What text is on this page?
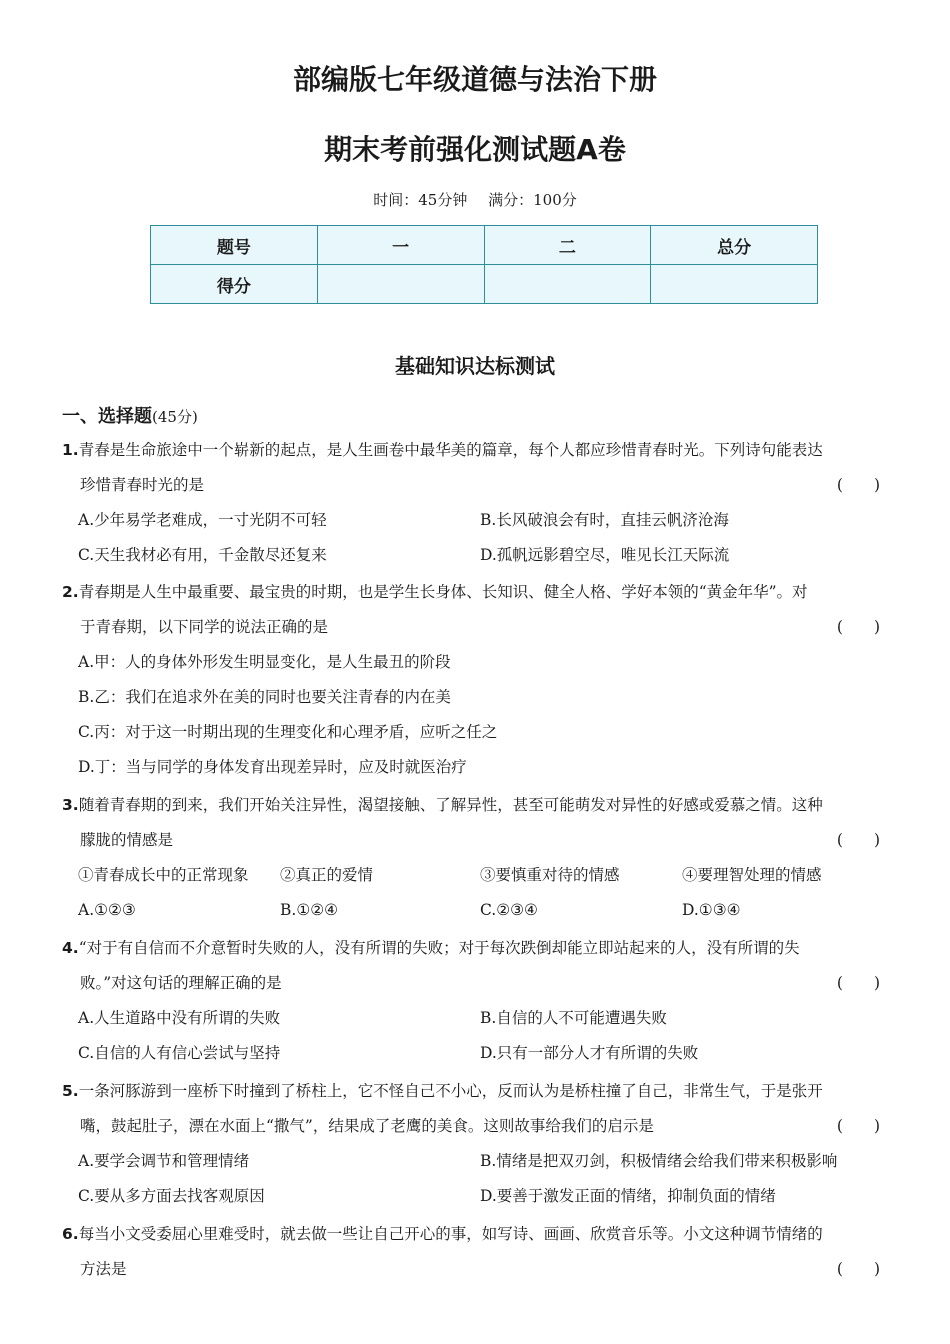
部编版七年级道德与法治下册
期末考前强化测试题A卷
时间：45分钟 满分：100分
题号	一	二	总分
得分			
基础知识达标测试
一、选择题(45分)
1.青春是生命旅途中一个崭新的起点，是人生画卷中最华美的篇章，每个人都应珍惜青春时光。下列诗句能表达
珍惜青春时光的是	(　　)
A.少年易学老难成，一寸光阴不可轻	B.长风破浪会有时，直挂云帆济沧海
C.天生我材必有用，千金散尽还复来	D.孤帆远影碧空尽，唯见长江天际流
2.青春期是人生中最重要、最宝贵的时期，也是学生长身体、长知识、健全人格、学好本领的“黄金年华”。对
于青春期，以下同学的说法正确的是	(　　)
A.甲：人的身体外形发生明显变化，是人生最丑的阶段
B.乙：我们在追求外在美的同时也要关注青春的内在美
C.丙：对于这一时期出现的生理变化和心理矛盾，应听之任之
D.丁：当与同学的身体发育出现差异时，应及时就医治疗
3.随着青春期的到来，我们开始关注异性，渴望接触、了解异性，甚至可能萌发对异性的好感或爱慕之情。这种
朦胧的情感是	(　　)
①青春成长中的正常现象 ②真正的爱情	③要慎重对待的情感	④要理智处理的情感
A.①②③	B.①②④	C.②③④	D.①③④
4.“对于有自信而不介意暂时失败的人，没有所谓的失败；对于每次跌倒却能立即站起来的人，没有所谓的失
败。”对这句话的理解正确的是	(　　)
A.人生道路中没有所谓的失败	B.自信的人不可能遭遇失败
C.自信的人有信心尝试与坚持	D.只有一部分人才有所谓的失败
5.一条河豚游到一座桥下时撞到了桥柱上，它不怪自己不小心，反而认为是桥柱撞了自己，非常生气，于是张开
嘴，鼓起肚子，漂在水面上“撒气”，结果成了老鹰的美食。这则故事给我们的启示是	(　　)
A.要学会调节和管理情绪	B.情绪是把双刃剑，积极情绪会给我们带来积极影响
C.要从多方面去找客观原因	D.要善于激发正面的情绪，抑制负面的情绪
6.每当小文受委屈心里难受时，就去做一些让自己开心的事，如写诗、画画、欣赏音乐等。小文这种调节情绪的
方法是	(　　)
